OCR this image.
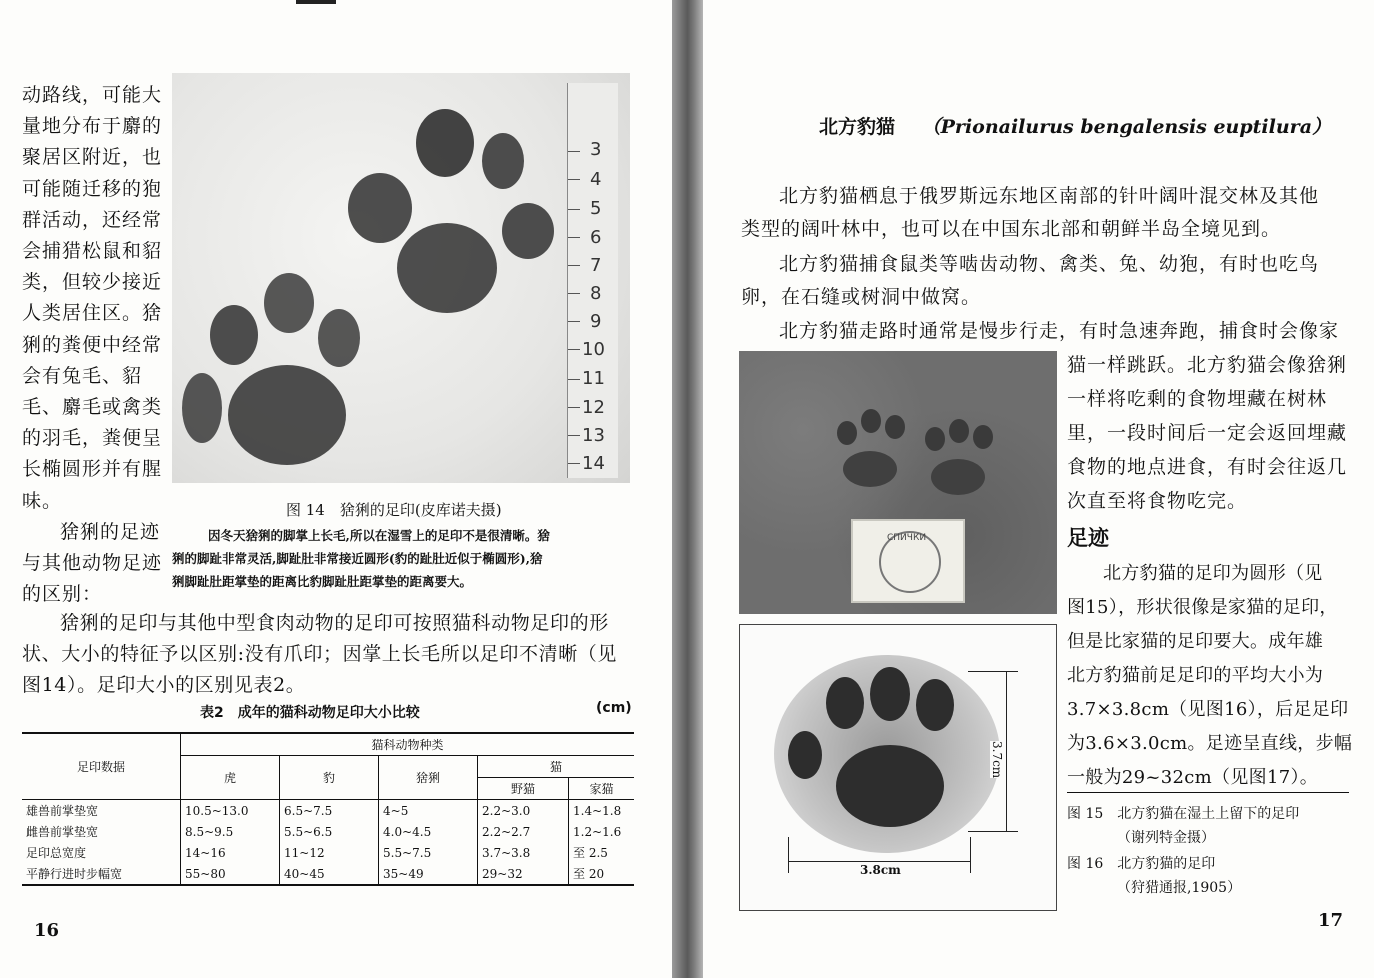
动路线，可能大
量地分布于麝的
聚居区附近，也
可能随迁移的狍
群活动，还经常
会捕猎松鼠和貂
类，但较少接近
人类居住区。猞
猁的粪便中经常
会有兔毛、貂
毛、麝毛或禽类
的羽毛，粪便呈
长椭圆形并有腥
味。
猞猁的足迹
与其他动物足迹
的区别：
3
4
5
6
7
8
9
10
11
12
13
14
图 14　猞猁的足印(皮库诺夫摄)
因冬天猞猁的脚掌上长毛,所以在湿雪上的足印不是很清晰。猞
猁的脚趾非常灵活,脚趾肚非常接近圆形(豹的趾肚近似于椭圆形),猞
猁脚趾肚距掌垫的距离比豹脚趾肚距掌垫的距离要大。
猞猁的足印与其他中型食肉动物的足印可按照猫科动物足印的形
状、大小的特征予以区别:没有爪印；因掌上长毛所以足印不清晰（见
图14）。足印大小的区别见表2。
表2　成年的猫科动物足印大小比较	(cm)
足印数据	猫科动物种类				
	虎	豹	猞猁	猫	
				野猫	家猫
雄兽前掌垫宽	10.5~13.0	6.5~7.5	4~5	2.2~3.0	1.4~1.8
雌兽前掌垫宽	8.5~9.5	5.5~6.5	4.0~4.5	2.2~2.7	1.2~1.6
足印总宽度	14~16	11~12	5.5~7.5	3.7~3.8	至 2.5
平静行进时步幅宽	55~80	40~45	35~49	29~32	至 20
16
北方豹猫 （Prionailurus bengalensis euptilura）
北方豹猫栖息于俄罗斯远东地区南部的针叶阔叶混交林及其他
类型的阔叶林中，也可以在中国东北部和朝鲜半岛全境见到。
北方豹猫捕食鼠类等啮齿动物、禽类、兔、幼狍，有时也吃鸟
卵，在石缝或树洞中做窝。
北方豹猫走路时通常是慢步行走，有时急速奔跑，捕食时会像家
猫一样跳跃。北方豹猫会像猞猁
一样将吃剩的食物埋藏在树林
里，一段时间后一定会返回埋藏
食物的地点进食，有时会往返几
次直至将食物吃完。
足迹
北方豹猫的足印为圆形（见
图15），形状很像是家猫的足印，
但是比家猫的足印要大。成年雄
北方豹猫前足足印的平均大小为
3.7×3.8cm（见图16），后足足印
为3.6×3.0cm。足迹呈直线，步幅
一般为29~32cm（见图17）。
图 15　北方豹猫在湿土上留下的足印
（谢列特金摄）
图 16　北方豹猫的足印
（狩猎通报,1905）
17
СПИЧКИ
3.7cm
3.8cm
